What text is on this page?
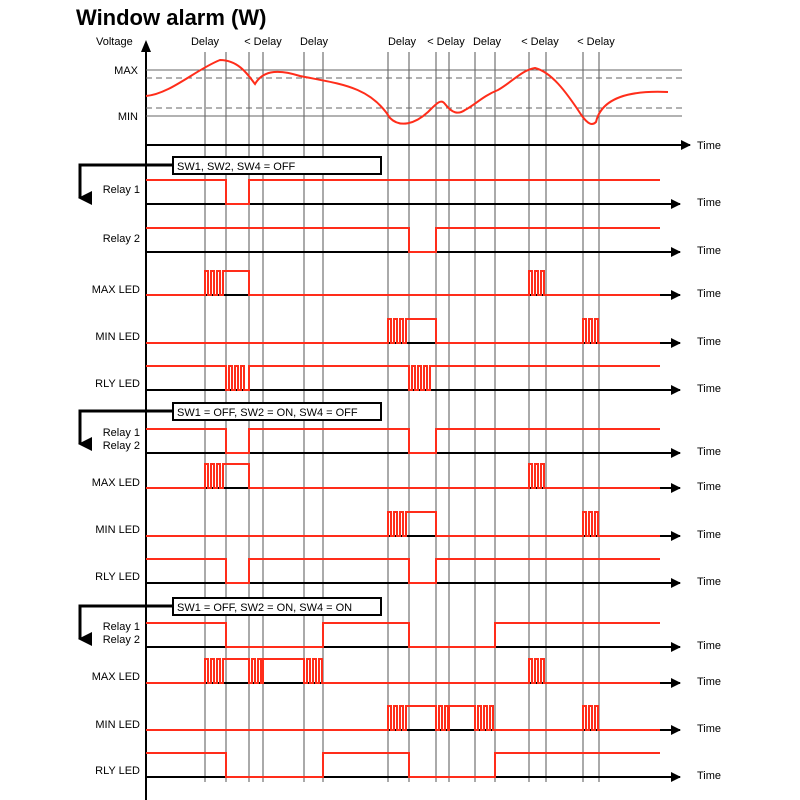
Window alarm (W)
Voltage	Delay < Delay Delay	Delay < Delay Delay < Delay < Delay
MAX
MIN
Time
SW1, SW2, SW4 = OFF
Relay 1
Time
Relay 2
Time
MAX LED	Time
MIN LED	Time
RLY LED	Time
SW1 = OFF, SW2 = ON, SW4 = OFF
Relay 1
Relay 2	Time
MAX LED	Time
MIN LED	Time
RLY LED	Time
SW1 = OFF, SW2 = ON, SW4 = ON
Relay 1
Relay 2	Time
MAX LED	Time
MIN LED	Time
RLY LED	Time
